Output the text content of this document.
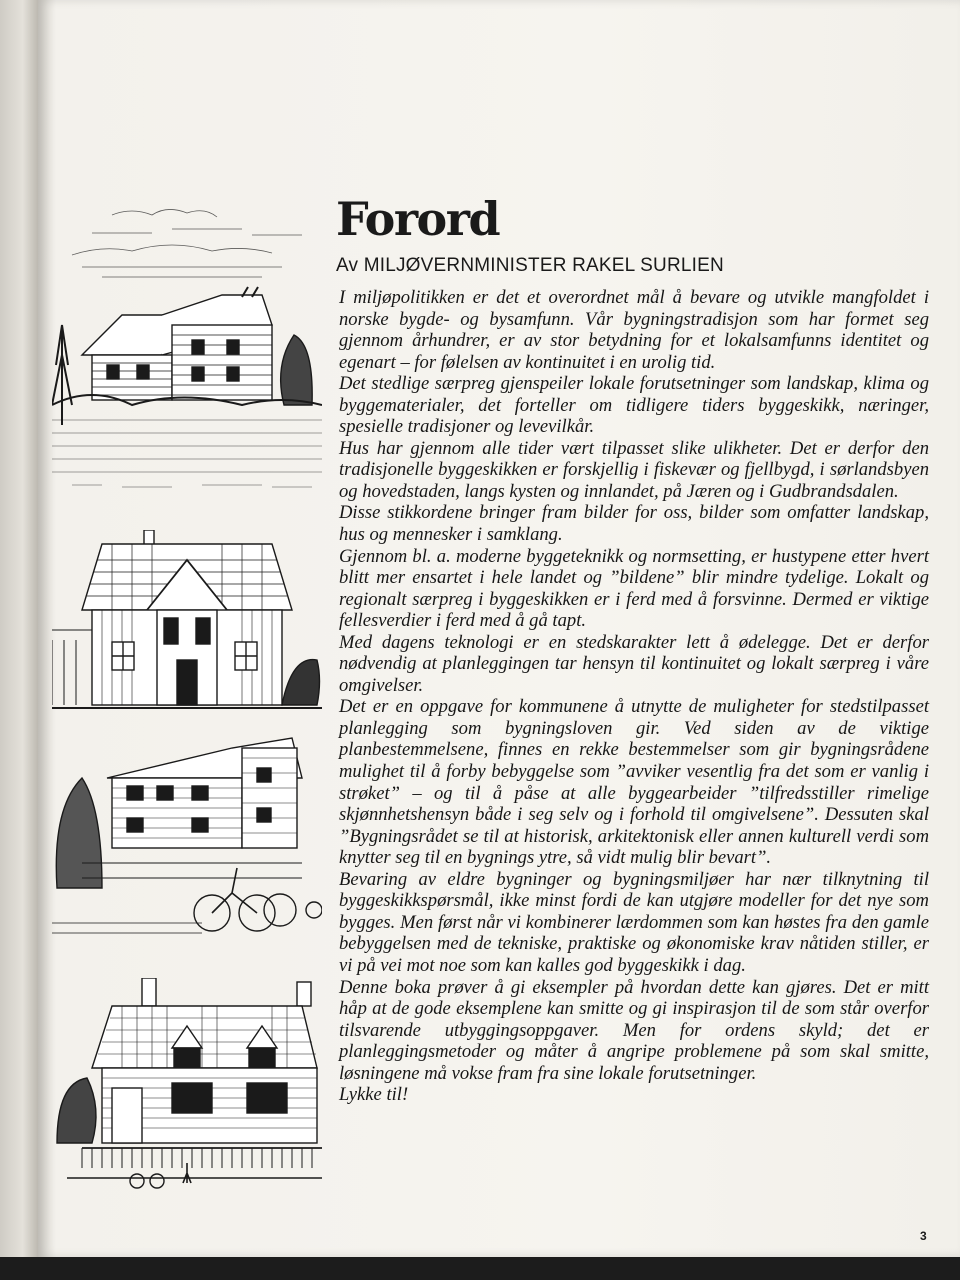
Forord
Av MILJØVERNMINISTER RAKEL SURLIEN

I miljøpolitikken er det et overordnet mål å bevare og utvikle mangfoldet i norske bygde- og bysamfunn. Vår bygningstradisjon som har formet seg gjennom århundrer, er av stor betydning for et lokalsamfunns identitet og egenart – for følelsen av kontinuitet i en urolig tid.

Det stedlige særpreg gjenspeiler lokale forutsetninger som landskap, klima og byggematerialer, det forteller om tidligere tiders byggeskikk, næringer, spesielle tradisjoner og levevilkår.

Hus har gjennom alle tider vært tilpasset slike ulikheter. Det er derfor den tradisjonelle byggeskikken er forskjellig i fiskevær og fjellbygd, i sørlandsbyen og hovedstaden, langs kysten og innlandet, på Jæren og i Gudbrandsdalen.

Disse stikkordene bringer fram bilder for oss, bilder som omfatter landskap, hus og mennesker i samklang.

Gjennom bl. a. moderne byggeteknikk og normsetting, er hustypene etter hvert blitt mer ensartet i hele landet og ”bildene” blir mindre tydelige. Lokalt og regionalt særpreg i byggeskikken er i ferd med å forsvinne. Dermed er viktige fellesverdier i ferd med å gå tapt.

Med dagens teknologi er en stedskarakter lett å ødelegge. Det er derfor nødvendig at planleggingen tar hensyn til kontinuitet og lokalt særpreg i våre omgivelser.

Det er en oppgave for kommunene å utnytte de muligheter for stedstilpasset planlegging som bygningsloven gir. Ved siden av de viktige planbestemmelsene, finnes en rekke bestemmelser som gir bygningsrådene mulighet til å forby bebyggelse som ”avviker vesentlig fra det som er vanlig i strøket” – og til å påse at alle byggearbeider ”tilfredsstiller rimelige skjønnhetshensyn både i seg selv og i forhold til omgivelsene”. Dessuten skal ”Bygningsrådet se til at historisk, arkitektonisk eller annen kulturell verdi som knytter seg til en bygnings ytre, så vidt mulig blir bevart”.

Bevaring av eldre bygninger og bygningsmiljøer har nær tilknytning til byggeskikkspørsmål, ikke minst fordi de kan utgjøre modeller for det nye som bygges. Men først når vi kombinerer lærdommen som kan høstes fra den gamle bebyggelsen med de tekniske, praktiske og økonomiske krav nåtiden stiller, er vi på vei mot noe som kan kalles god byggeskikk i dag.

Denne boka prøver å gi eksempler på hvordan dette kan gjøres. Det er mitt håp at de gode eksemplene kan smitte og gi inspirasjon til de som står overfor tilsvarende utbyggingsoppgaver. Men for ordens skyld; det er planleggingsmetoder og måter å angripe problemene på som skal smitte, løsningene må vokse fram fra sine lokale forutsetninger.

Lykke til!

3
